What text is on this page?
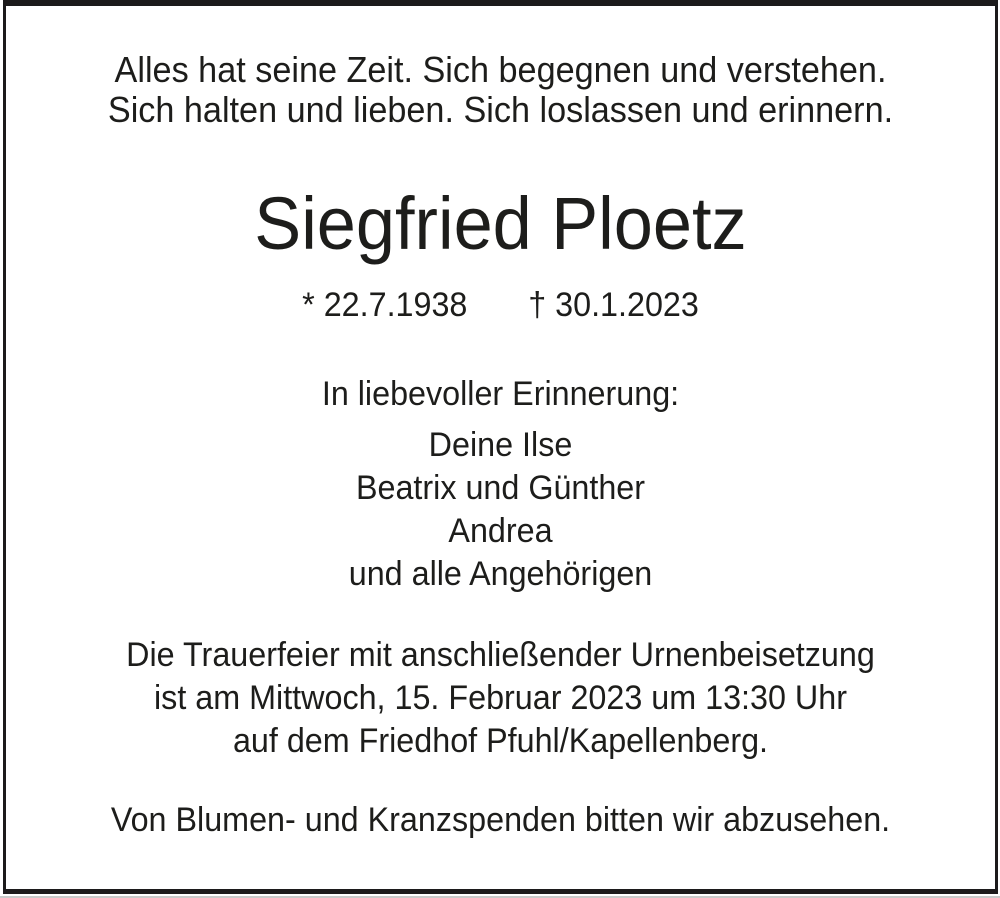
Alles hat seine Zeit. Sich begegnen und verstehen.
Sich halten und lieben. Sich loslassen und erinnern.
Siegfried Ploetz
* 22.7.1938 † 30.1.2023
In liebevoller Erinnerung:
Deine Ilse
Beatrix und Günther
Andrea
und alle Angehörigen
Die Trauerfeier mit anschließender Urnenbeisetzung
ist am Mittwoch, 15. Februar 2023 um 13:30 Uhr
auf dem Friedhof Pfuhl/Kapellenberg.
Von Blumen- und Kranzspenden bitten wir abzusehen.
